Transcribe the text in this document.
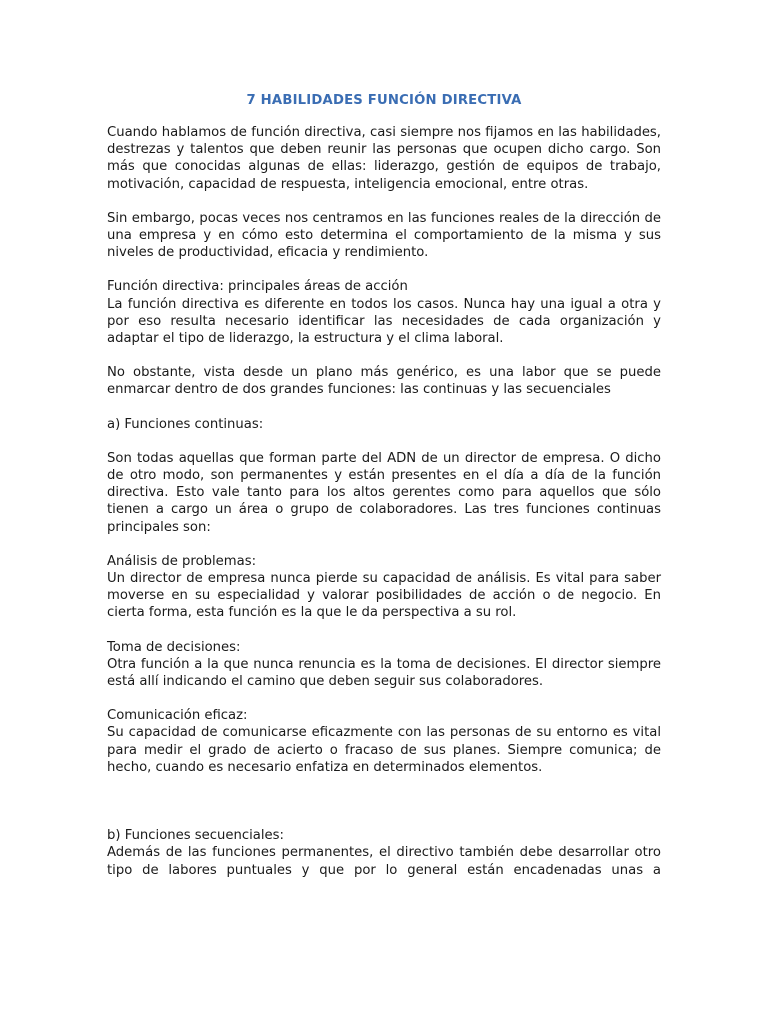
7 HABILIDADES FUNCIÓN DIRECTIVA

Cuando hablamos de función directiva, casi siempre nos fijamos en las habilidades, destrezas y talentos que deben reunir las personas que ocupen dicho cargo. Son más que conocidas algunas de ellas: liderazgo, gestión de equipos de trabajo, motivación, capacidad de respuesta, inteligencia emocional, entre otras.

Sin embargo, pocas veces nos centramos en las funciones reales de la dirección de una empresa y en cómo esto determina el comportamiento de la misma y sus niveles de productividad, eficacia y rendimiento.

Función directiva: principales áreas de acción

La función directiva es diferente en todos los casos. Nunca hay una igual a otra y por eso resulta necesario identificar las necesidades de cada organización y adaptar el tipo de liderazgo, la estructura y el clima laboral.

No obstante, vista desde un plano más genérico, es una labor que se puede enmarcar dentro de dos grandes funciones: las continuas y las secuenciales

a) Funciones continuas:

Son todas aquellas que forman parte del ADN de un director de empresa. O dicho de otro modo, son permanentes y están presentes en el día a día de la función directiva. Esto vale tanto para los altos gerentes como para aquellos que sólo tienen a cargo un área o grupo de colaboradores. Las tres funciones continuas principales son:

Análisis de problemas:

Un director de empresa nunca pierde su capacidad de análisis. Es vital para saber moverse en su especialidad y valorar posibilidades de acción o de negocio. En cierta forma, esta función es la que le da perspectiva a su rol.

Toma de decisiones:

Otra función a la que nunca renuncia es la toma de decisiones. El director siempre está allí indicando el camino que deben seguir sus colaboradores.

Comunicación eficaz:

Su capacidad de comunicarse eficazmente con las personas de su entorno es vital para medir el grado de acierto o fracaso de sus planes. Siempre comunica; de hecho, cuando es necesario enfatiza en determinados elementos.

b) Funciones secuenciales:

Además de las funciones permanentes, el directivo también debe desarrollar otro tipo de labores puntuales y que por lo general están encadenadas unas a
